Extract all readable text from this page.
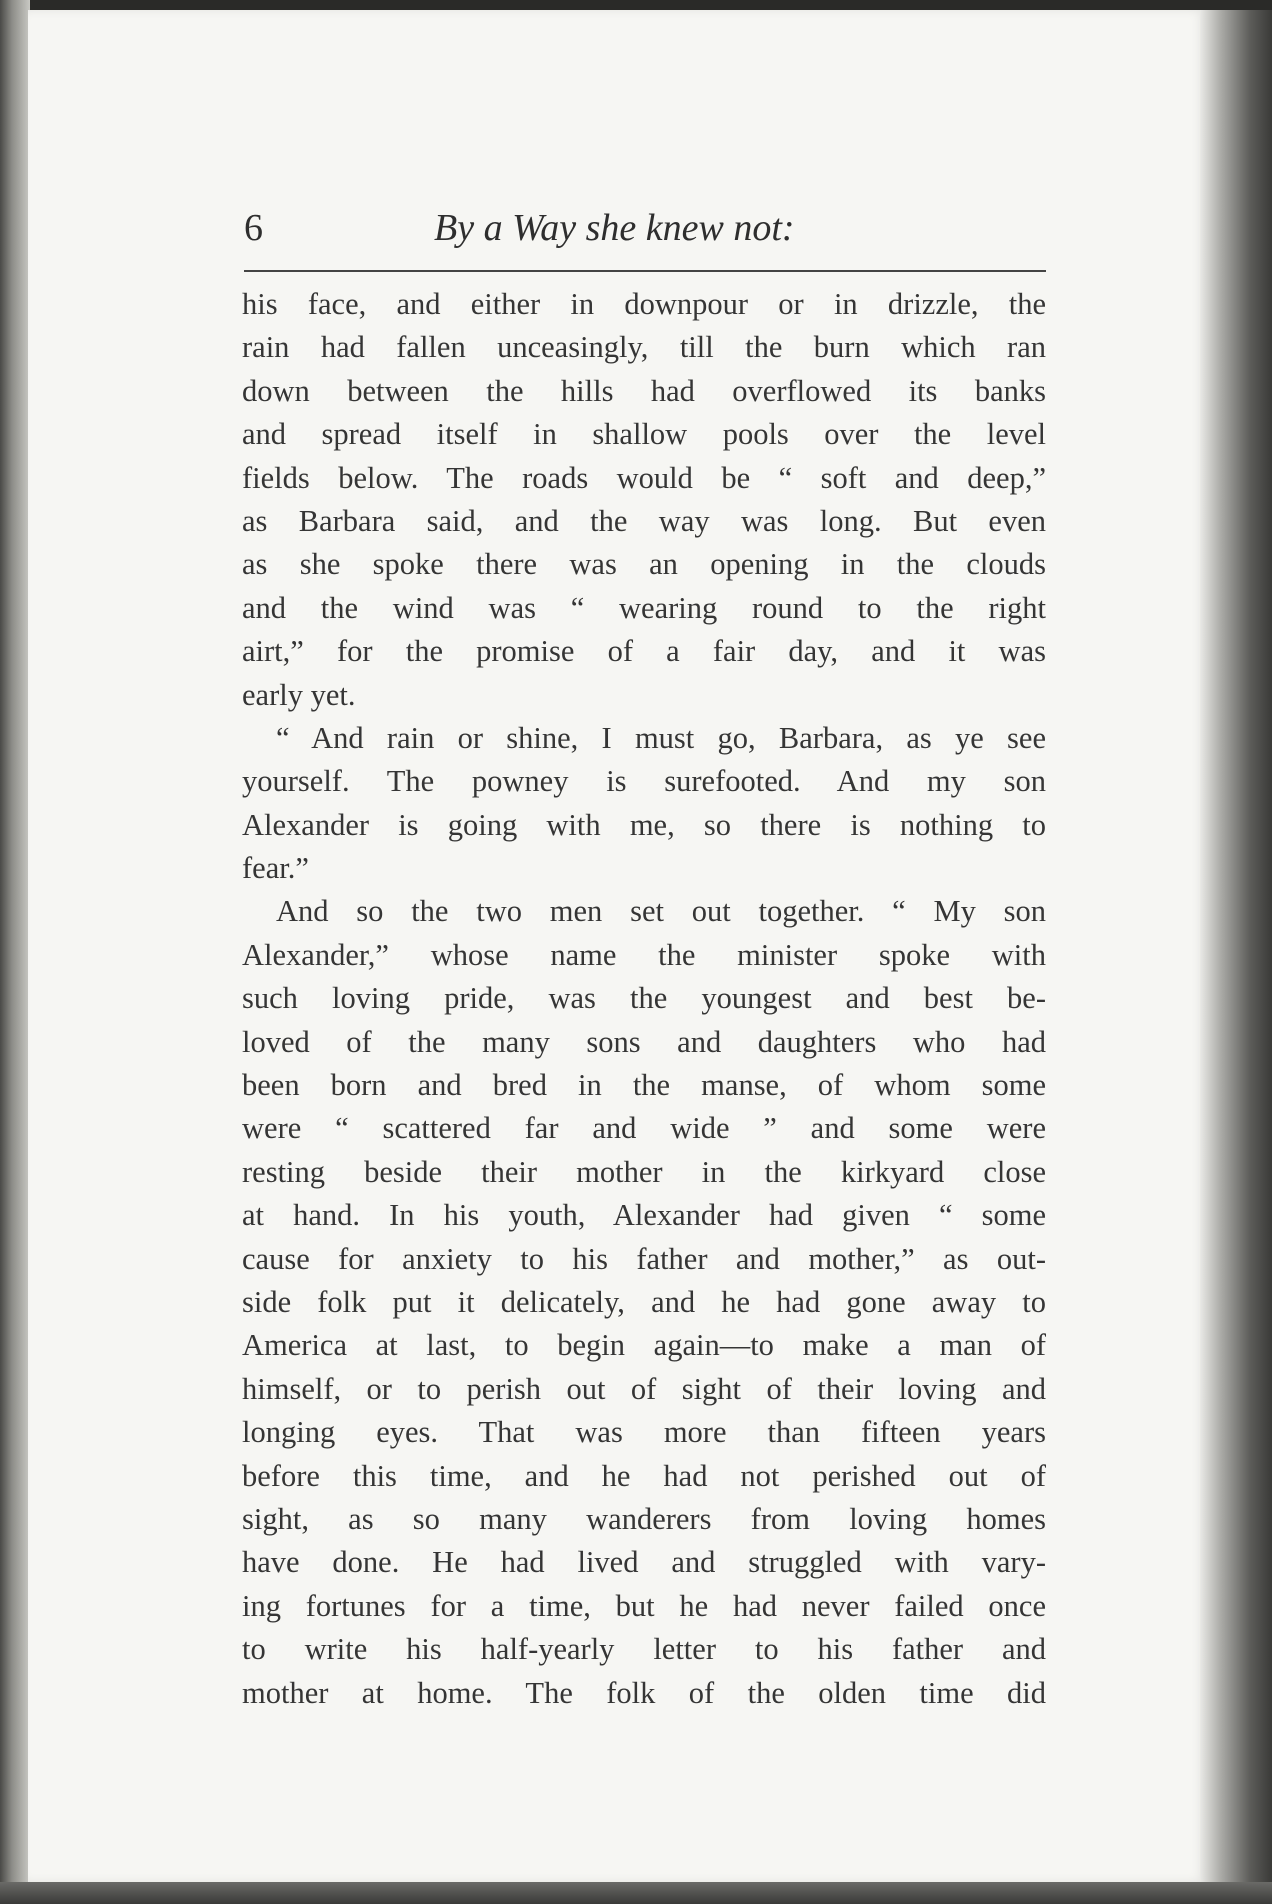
6	By a Way she knew not:
his face, and either in downpour or in drizzle, the
rain had fallen unceasingly, till the burn which ran
down between the hills had overflowed its banks
and spread itself in shallow pools over the level
fields below. The roads would be “ soft and deep,”
as Barbara said, and the way was long. But even
as she spoke there was an opening in the clouds
and the wind was “ wearing round to the right
airt,” for the promise of a fair day, and it was
early yet.
“ And rain or shine, I must go, Barbara, as ye see
yourself. The powney is surefooted. And my son
Alexander is going with me, so there is nothing to
fear.”
And so the two men set out together. “ My son
Alexander,” whose name the minister spoke with
such loving pride, was the youngest and best be-
loved of the many sons and daughters who had
been born and bred in the manse, of whom some
were “ scattered far and wide ” and some were
resting beside their mother in the kirkyard close
at hand. In his youth, Alexander had given “ some
cause for anxiety to his father and mother,” as out-
side folk put it delicately, and he had gone away to
America at last, to begin again—to make a man of
himself, or to perish out of sight of their loving and
longing eyes. That was more than fifteen years
before this time, and he had not perished out of
sight, as so many wanderers from loving homes
have done. He had lived and struggled with vary-
ing fortunes for a time, but he had never failed once
to write his half-yearly letter to his father and
mother at home. The folk of the olden time did
